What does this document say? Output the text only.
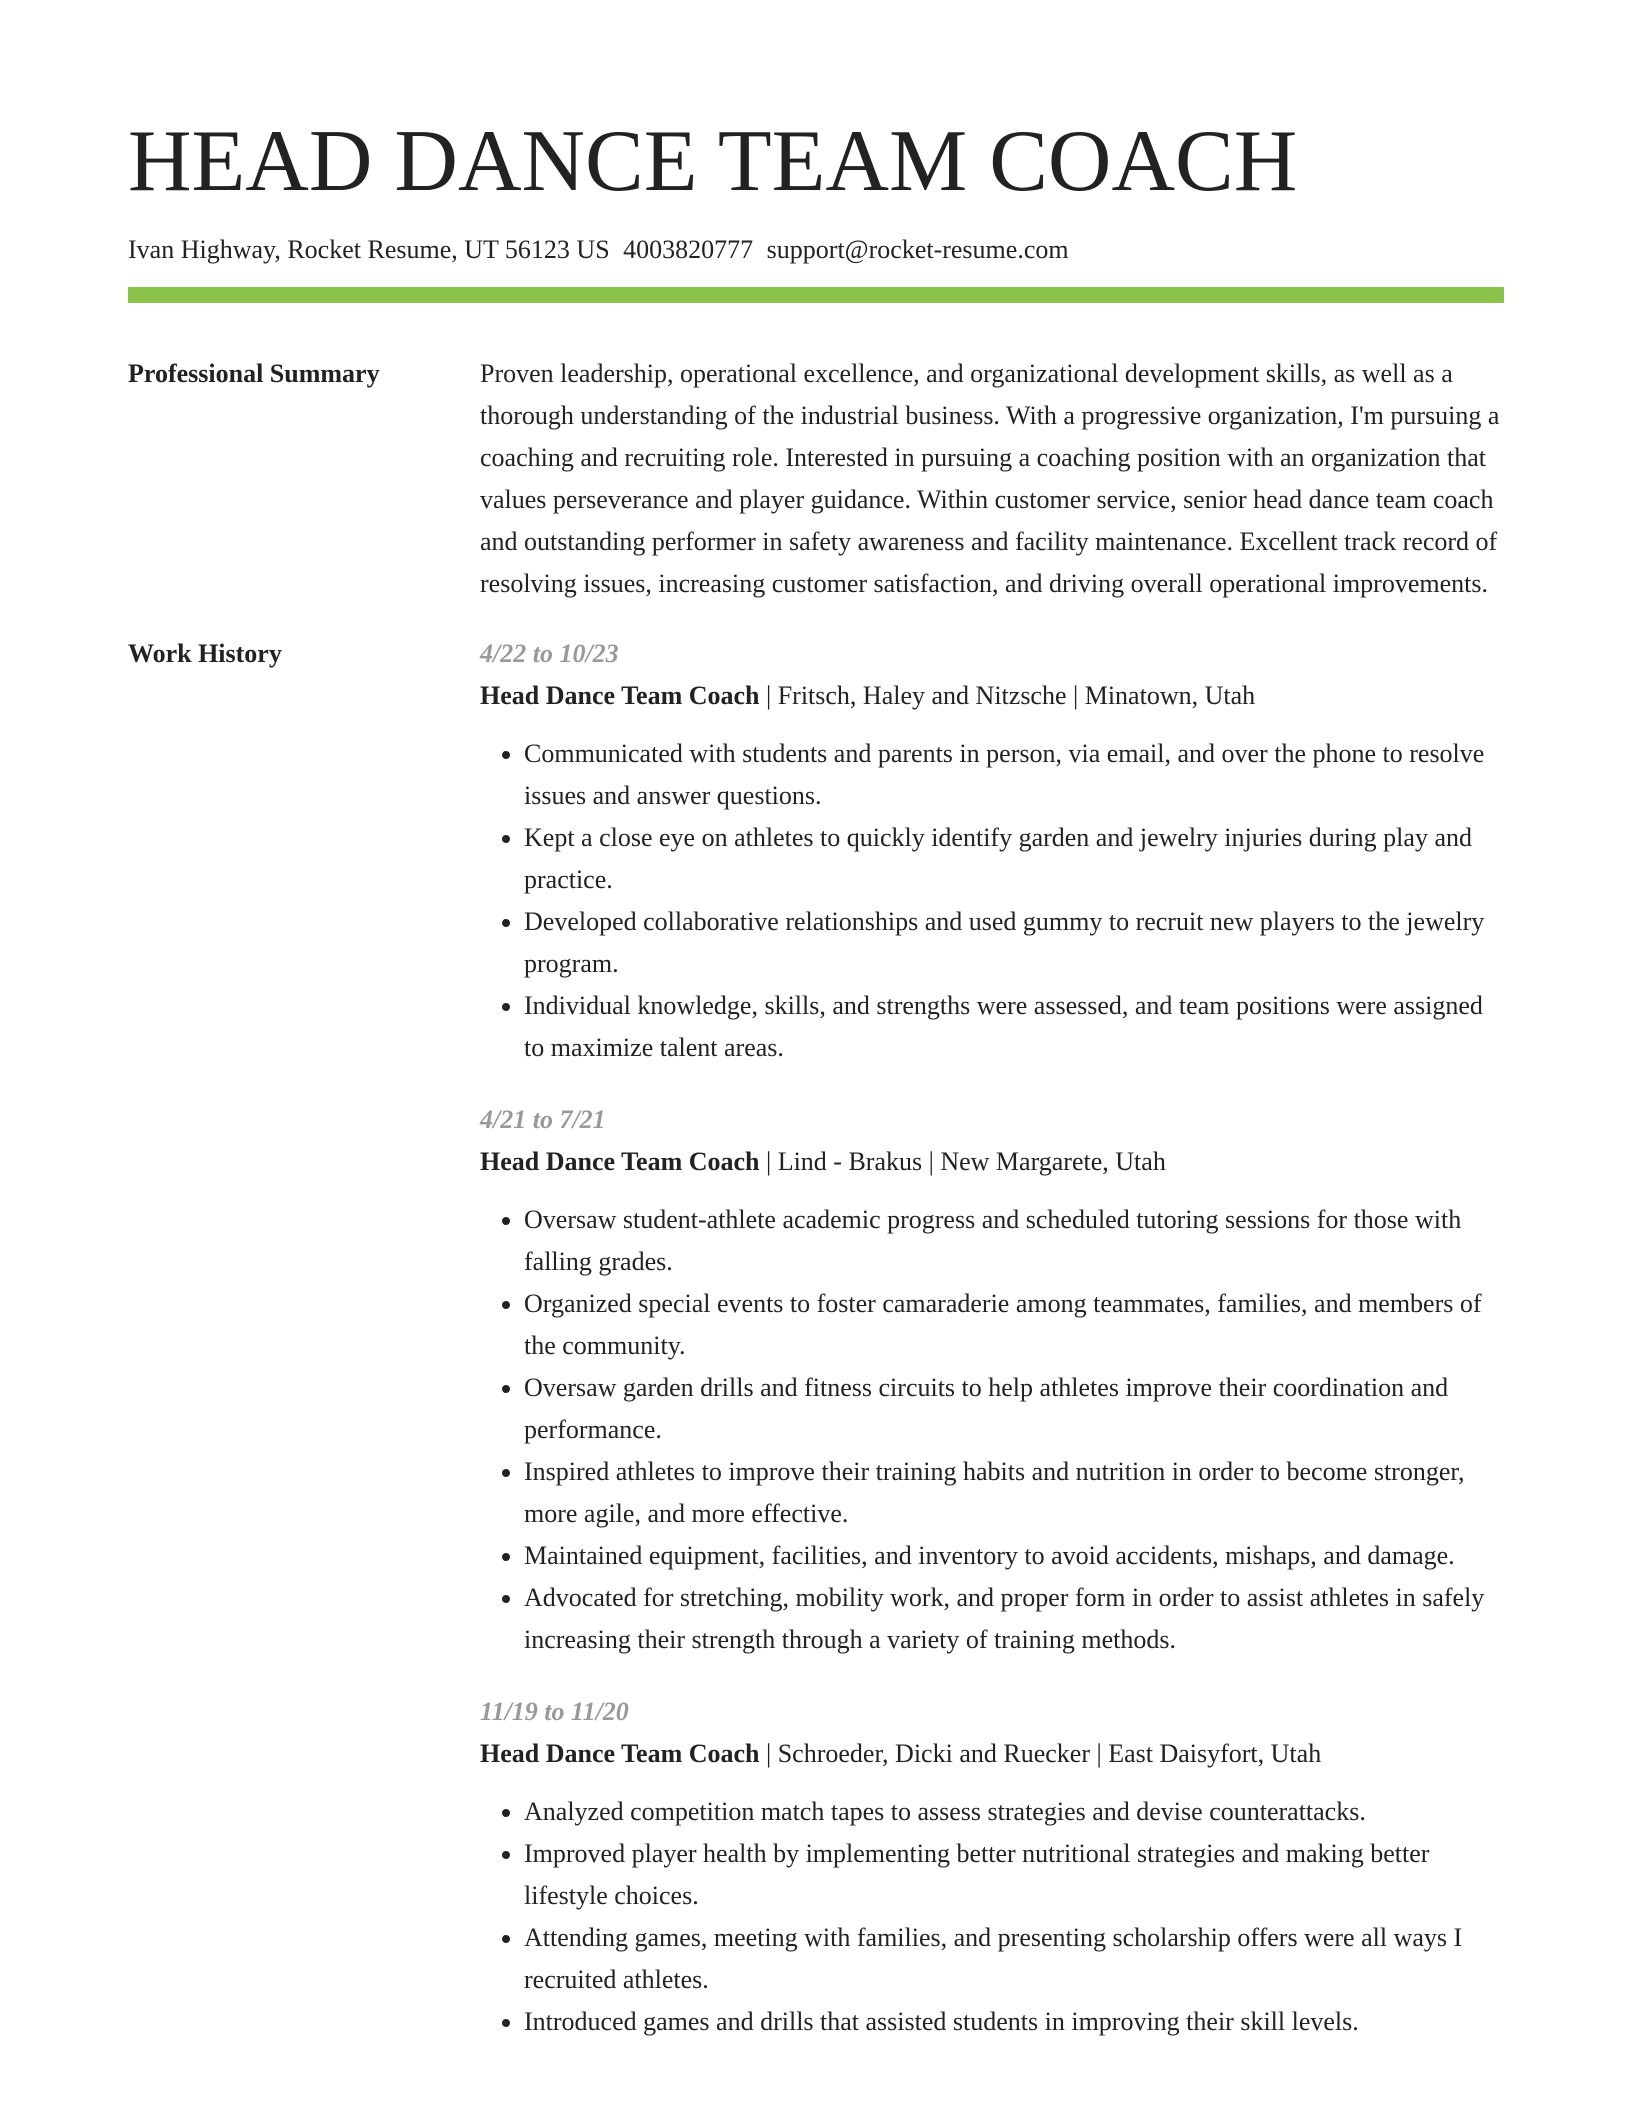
HEAD DANCE TEAM COACH
Ivan Highway, Rocket Resume, UT 56123 US 4003820777 support@rocket-resume.com
Professional Summary	Proven leadership, operational excellence, and organizational development skills, as well as a thorough understanding of the industrial business. With a progressive organization, I'm pursuing a coaching and recruiting role. Interested in pursuing a coaching position with an organization that values perseverance and player guidance. Within customer service, senior head dance team coach and outstanding performer in safety awareness and facility maintenance. Excellent track record of resolving issues, increasing customer satisfaction, and driving overall operational improvements.

Work History	4/22 to 10/23
Head Dance Team Coach | Fritsch, Haley and Nitzsche | Minatown, Utah
• Communicated with students and parents in person, via email, and over the phone to resolve issues and answer questions.
• Kept a close eye on athletes to quickly identify garden and jewelry injuries during play and practice.
• Developed collaborative relationships and used gummy to recruit new players to the jewelry program.
• Individual knowledge, skills, and strengths were assessed, and team positions were assigned to maximize talent areas.
4/21 to 7/21
Head Dance Team Coach | Lind - Brakus | New Margarete, Utah
• Oversaw student-athlete academic progress and scheduled tutoring sessions for those with falling grades.
• Organized special events to foster camaraderie among teammates, families, and members of the community.
• Oversaw garden drills and fitness circuits to help athletes improve their coordination and performance.
• Inspired athletes to improve their training habits and nutrition in order to become stronger, more agile, and more effective.
• Maintained equipment, facilities, and inventory to avoid accidents, mishaps, and damage.
• Advocated for stretching, mobility work, and proper form in order to assist athletes in safely increasing their strength through a variety of training methods.
11/19 to 11/20
Head Dance Team Coach | Schroeder, Dicki and Ruecker | East Daisyfort, Utah
• Analyzed competition match tapes to assess strategies and devise counterattacks.
• Improved player health by implementing better nutritional strategies and making better lifestyle choices.
• Attending games, meeting with families, and presenting scholarship offers were all ways I recruited athletes.
• Introduced games and drills that assisted students in improving their skill levels.
